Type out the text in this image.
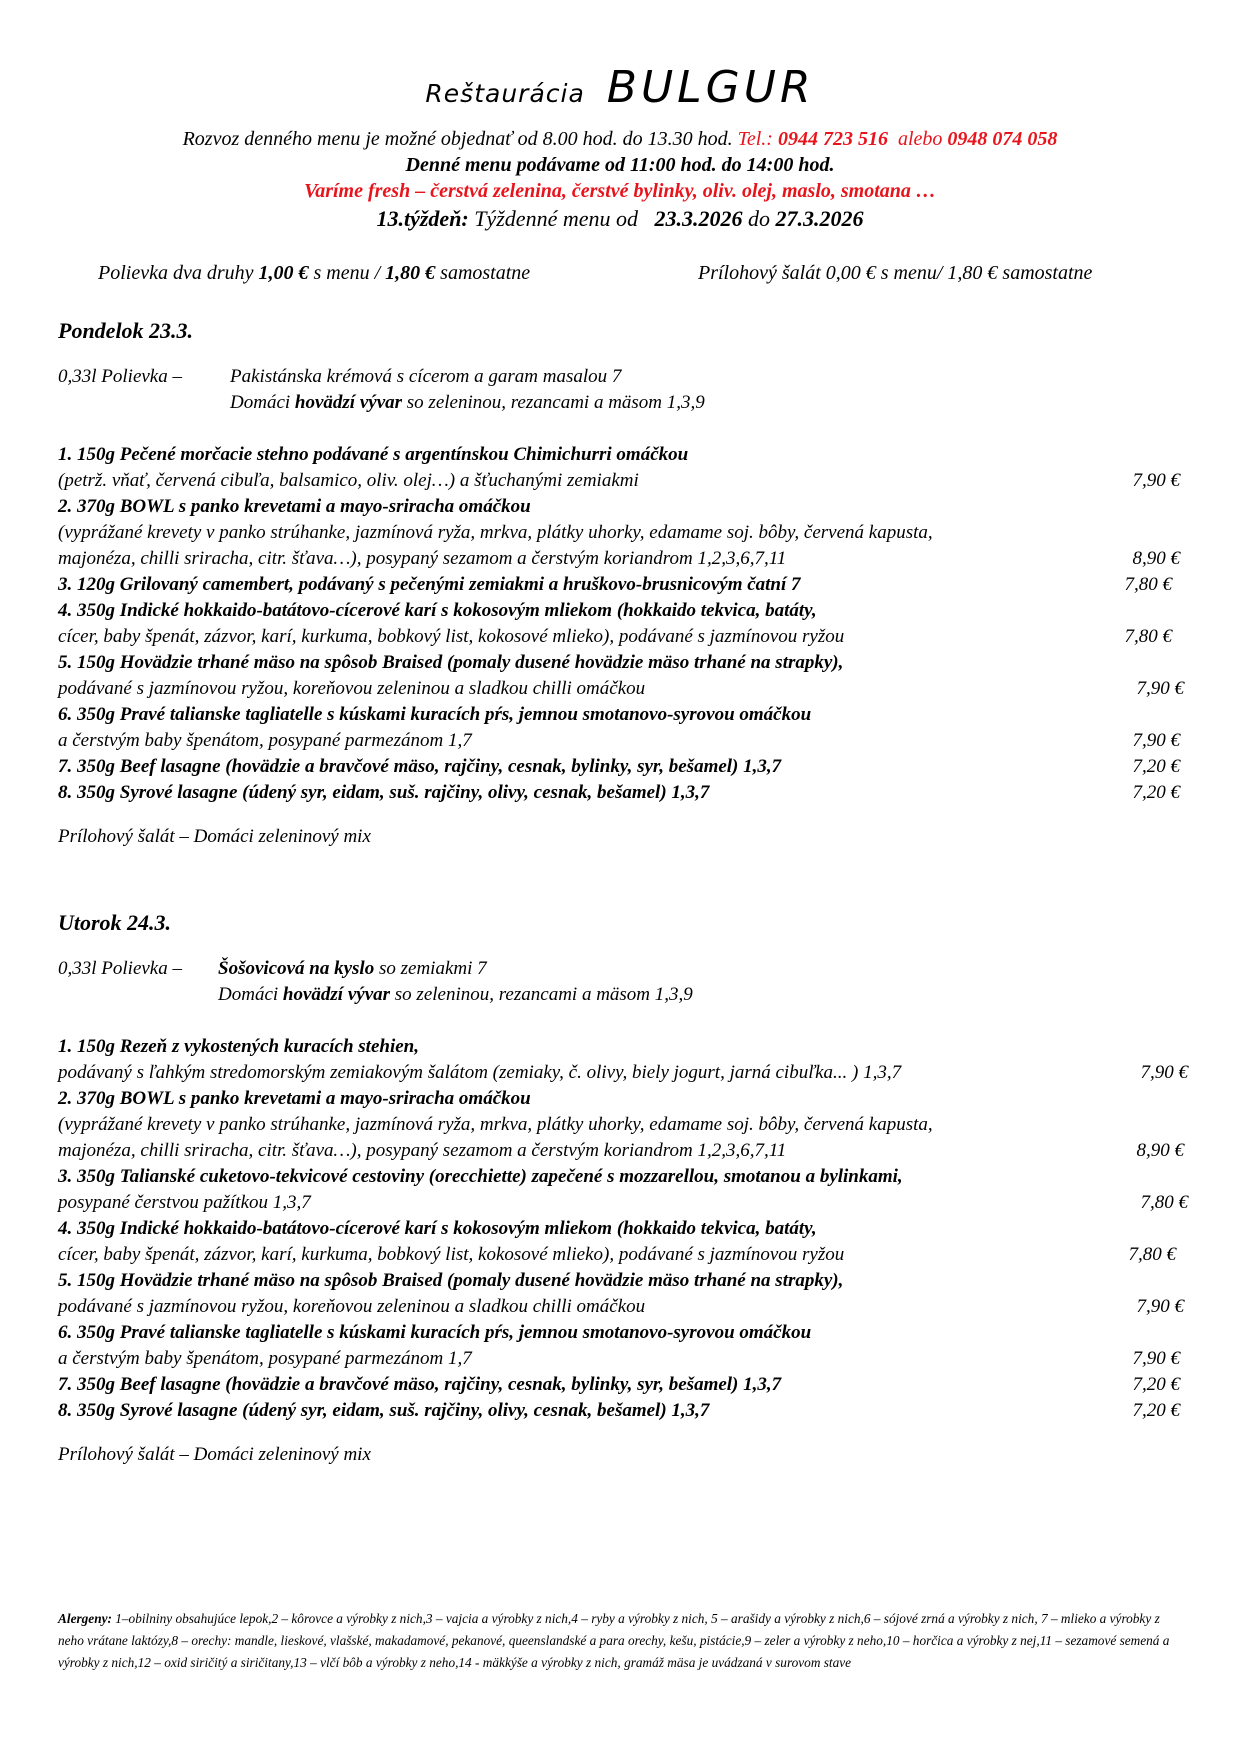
Reštaurácia BULGUR
Rozvoz denného menu je možné objednať od 8.00 hod. do 13.30 hod. Tel.: 0944 723 516 alebo 0948 074 058
Denné menu podávame od 11:00 hod. do 14:00 hod.
Varíme fresh – čerstvá zelenina, čerstvé bylinky, oliv. olej, maslo, smotana …
13.týždeň: Týždenné menu od 23.3.2026 do 27.3.2026
Polievka dva druhy 1,00 € s menu / 1,80 € samostatne	Prílohový šalát 0,00 € s menu/ 1,80 € samostatne
Pondelok 23.3.
0,33l Polievka –	Pakistánska krémová s cícerom a garam masalou 7
Domáci hovädzí vývar so zeleninou, rezancami a mäsom 1,3,9
1. 150g Pečené morčacie stehno podávané s argentínskou Chimichurri omáčkou
(petrž. vňať, červená cibuľa, balsamico, oliv. olej…) a šťuchanými zemiakmi	7,90 €
2. 370g BOWL s panko krevetami a mayo-sriracha omáčkou
(vyprážané krevety v panko strúhanke, jazmínová ryža, mrkva, plátky uhorky, edamame soj. bôby, červená kapusta,
majonéza, chilli sriracha, citr. šťava…), posypaný sezamom a čerstvým koriandrom 1,2,3,6,7,11	8,90 €
3. 120g Grilovaný camembert, podávaný s pečenými zemiakmi a hruškovo-brusnicovým čatní 7	7,80 €
4. 350g Indické hokkaido-batátovo-cícerové karí s kokosovým mliekom (hokkaido tekvica, batáty,
cícer, baby špenát, zázvor, karí, kurkuma, bobkový list, kokosové mlieko), podávané s jazmínovou ryžou	7,80 €
5. 150g Hovädzie trhané mäso na spôsob Braised (pomaly dusené hovädzie mäso trhané na strapky),
podávané s jazmínovou ryžou, koreňovou zeleninou a sladkou chilli omáčkou	7,90 €
6. 350g Pravé talianske tagliatelle s kúskami kuracích pŕs, jemnou smotanovo-syrovou omáčkou
a čerstvým baby špenátom, posypané parmezánom 1,7	7,90 €
7. 350g Beef lasagne (hovädzie a bravčové mäso, rajčiny, cesnak, bylinky, syr, bešamel) 1,3,7	7,20 €
8. 350g Syrové lasagne (údený syr, eidam, suš. rajčiny, olivy, cesnak, bešamel) 1,3,7	7,20 €
Prílohový šalát – Domáci zeleninový mix
Utorok 24.3.
0,33l Polievka – Šošovicová na kyslo so zemiakmi 7
Domáci hovädzí vývar so zeleninou, rezancami a mäsom 1,3,9
1. 150g Rezeň z vykostených kuracích stehien,
podávaný s ľahkým stredomorským zemiakovým šalátom (zemiaky, č. olivy, biely jogurt, jarná cibuľka... ) 1,3,7	7,90 €
2. 370g BOWL s panko krevetami a mayo-sriracha omáčkou
(vyprážané krevety v panko strúhanke, jazmínová ryža, mrkva, plátky uhorky, edamame soj. bôby, červená kapusta,
majonéza, chilli sriracha, citr. šťava…), posypaný sezamom a čerstvým koriandrom 1,2,3,6,7,11	8,90 €
3. 350g Talianské cuketovo-tekvicové cestoviny (orecchiette) zapečené s mozzarellou, smotanou a bylinkami,
posypané čerstvou pažítkou 1,3,7	7,80 €
4. 350g Indické hokkaido-batátovo-cícerové karí s kokosovým mliekom (hokkaido tekvica, batáty,
cícer, baby špenát, zázvor, karí, kurkuma, bobkový list, kokosové mlieko), podávané s jazmínovou ryžou	7,80 €
5. 150g Hovädzie trhané mäso na spôsob Braised (pomaly dusené hovädzie mäso trhané na strapky),
podávané s jazmínovou ryžou, koreňovou zeleninou a sladkou chilli omáčkou	7,90 €
6. 350g Pravé talianske tagliatelle s kúskami kuracích pŕs, jemnou smotanovo-syrovou omáčkou
a čerstvým baby špenátom, posypané parmezánom 1,7	7,90 €
7. 350g Beef lasagne (hovädzie a bravčové mäso, rajčiny, cesnak, bylinky, syr, bešamel) 1,3,7	7,20 €
8. 350g Syrové lasagne (údený syr, eidam, suš. rajčiny, olivy, cesnak, bešamel) 1,3,7	7,20 €
Prílohový šalát – Domáci zeleninový mix
Alergeny: 1–obilniny obsahujúce lepok,2 – kôrovce a výrobky z nich,3 – vajcia a výrobky z nich,4 – ryby a výrobky z nich, 5 – arašidy a výrobky z nich,6 – sójové zrná a výrobky z nich, 7 – mlieko a výrobky z neho vrátane laktózy,8 – orechy: mandle, lieskové, vlašské, makadamové, pekanové, queenslandské a para orechy, kešu, pistácie,9 – zeler a výrobky z neho,10 – horčica a výrobky z nej,11 – sezamové semená a výrobky z nich,12 – oxid siričitý a siričitany,13 – vlčí bôb a výrobky z neho,14 - mäkkýše a výrobky z nich, gramáž mäsa je uvádzaná v surovom stave
